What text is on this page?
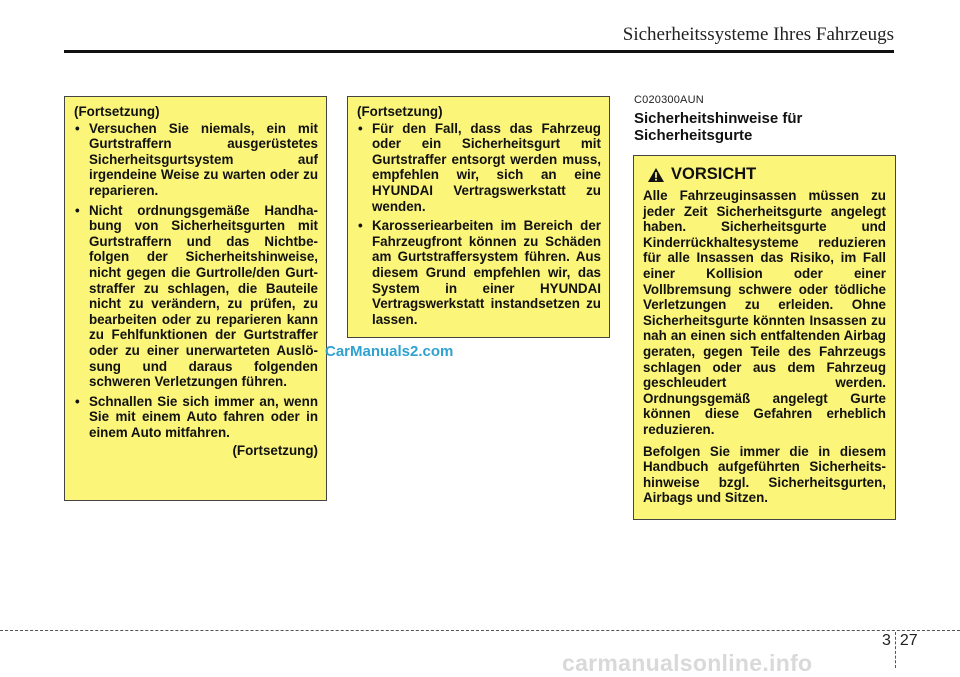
Sicherheitssysteme Ihres Fahrzeugs
(Fortsetzung)
• Versuchen Sie niemals, ein mit Gurtstraffern ausgerüstetes Sicherheitsgurtsystem auf irgendeine Weise zu warten oder zu reparieren.
• Nicht ordnungsgemäße Handha-bung von Sicherheitsgurten mit Gurtstraffern und das Nichtbe-folgen der Sicherheitshinweise, nicht gegen die Gurtrolle/den Gurt-straffer zu schlagen, die Bauteile nicht zu verändern, zu prüfen, zu bearbeiten oder zu reparieren kann zu Fehlfunktionen der Gurtstraffer oder zu einer unerwarteten Auslö-sung und daraus folgenden schweren Verletzungen führen.
• Schnallen Sie sich immer an, wenn Sie mit einem Auto fahren oder in einem Auto mitfahren.
(Fortsetzung)
(Fortsetzung)
• Für den Fall, dass das Fahrzeug oder ein Sicherheitsgurt mit Gurtstraffer entsorgt werden muss, empfehlen wir, sich an eine HYUNDAI Vertragswerkstatt zu wenden.
• Karosseriearbeiten im Bereich der Fahrzeugfront können zu Schäden am Gurtstraffersystem führen. Aus diesem Grund empfehlen wir, das System in einer HYUNDAI Vertragswerkstatt instandsetzen zu lassen.
CarManuals2.com
C020300AUN
Sicherheitshinweise für Sicherheitsgurte
VORSICHT

Alle Fahrzeuginsassen müssen zu jeder Zeit Sicherheitsgurte angelegt haben. Sicherheitsgurte und Kinderrückhaltesysteme reduzieren für alle Insassen das Risiko, im Fall einer Kollision oder einer Vollbremsung schwere oder tödliche Verletzungen zu erleiden. Ohne Sicherheitsgurte könnten Insassen zu nah an einen sich entfaltenden Airbag geraten, gegen Teile des Fahrzeugs schlagen oder aus dem Fahrzeug geschleudert werden. Ordnungsgemäß angelegt Gurte können diese Gefahren erheblich reduzieren.

Befolgen Sie immer die in diesem Handbuch aufgeführten Sicherheits-hinweise bzgl. Sicherheitsgurten, Airbags und Sitzen.

3 27
carmanualsonline.info
